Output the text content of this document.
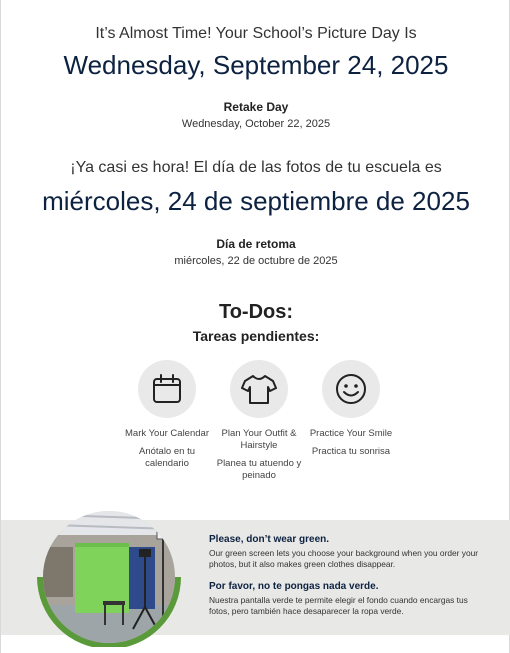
It’s Almost Time! Your School’s Picture Day Is
Wednesday, September 24, 2025
Retake Day
Wednesday, October 22, 2025
¡Ya casi es hora! El día de las fotos de tu escuela es
miércoles, 24 de septiembre de 2025
Día de retoma
miércoles, 22 de octubre de 2025
To-Dos:
Tareas pendientes:
Mark Your Calendar
Anótalo en tu calendario
Plan Your Outfit & Hairstyle
Planea tu atuendo y peinado
Practice Your Smile
Practica tu sonrisa
Please, don’t wear green.
Our green screen lets you choose your background when you order your photos, but it also makes green clothes disappear.
Por favor, no te pongas nada verde.
Nuestra pantalla verde te permite elegir el fondo cuando encargas tus fotos, pero también hace desaparecer la ropa verde.
